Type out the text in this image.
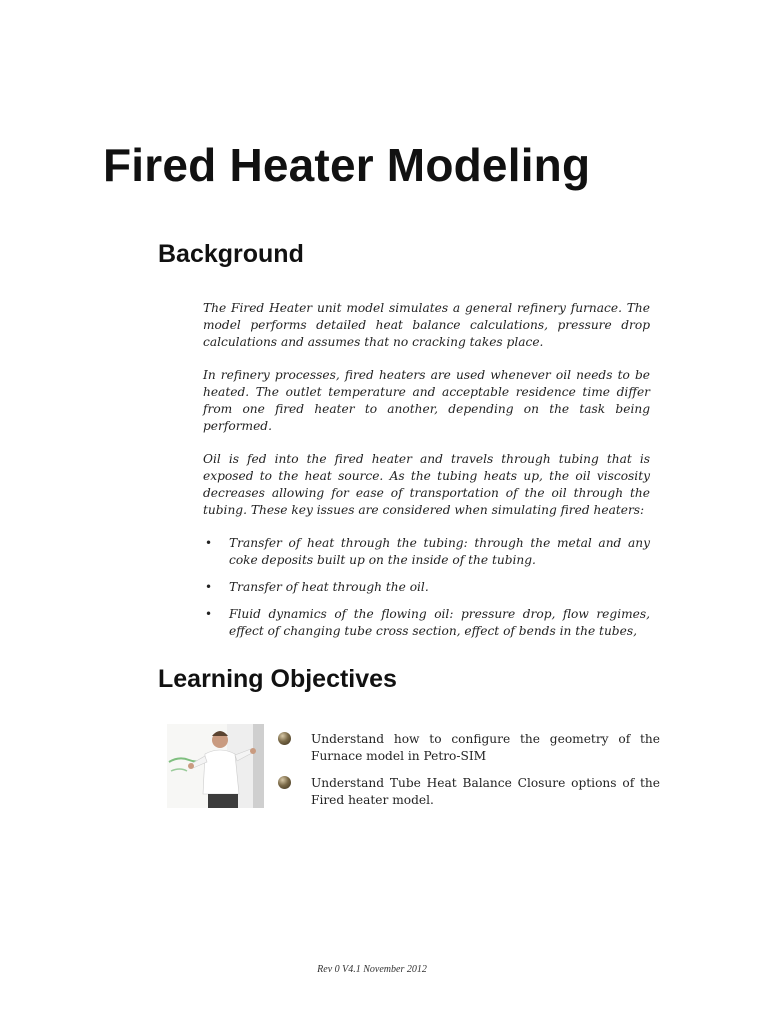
Fired Heater Modeling
Background

The Fired Heater unit model simulates a general refinery furnace. The model performs detailed heat balance calculations, pressure drop calculations and assumes that no cracking takes place.

In refinery processes, fired heaters are used whenever oil needs to be heated. The outlet temperature and acceptable residence time differ from one fired heater to another, depending on the task being performed.

Oil is fed into the fired heater and travels through tubing that is exposed to the heat source. As the tubing heats up, the oil viscosity decreases allowing for ease of transportation of the oil through the tubing. These key issues are considered when simulating fired heaters:

• Transfer of heat through the tubing: through the metal and any coke deposits built up on the inside of the tubing.
• Transfer of heat through the oil.
• Fluid dynamics of the flowing oil: pressure drop, flow regimes, effect of changing tube cross section, effect of bends in the tubes,
Learning Objectives
Understand how to configure the geometry of the Furnace model in Petro-SIM
Understand Tube Heat Balance Closure options of the Fired heater model.
Rev 0 V4.1 November 2012
